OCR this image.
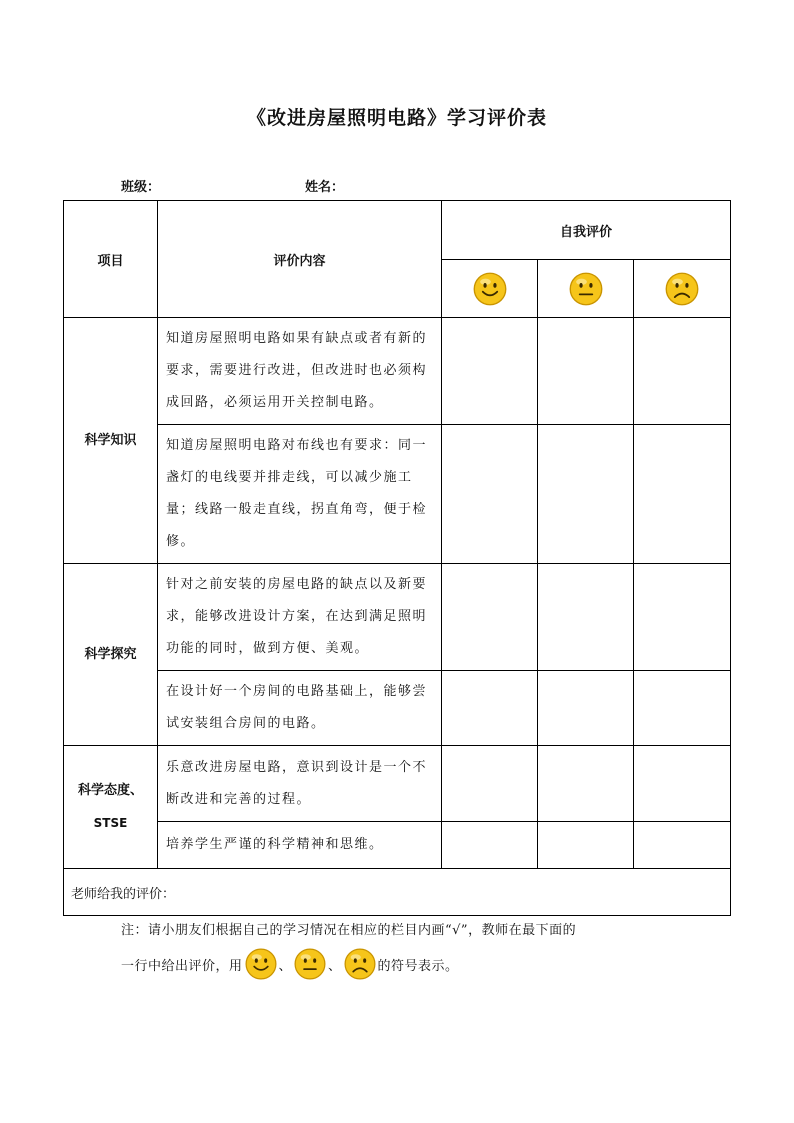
《改进房屋照明电路》学习评价表
班级：	姓名：
项目	评价内容	自我评价		

科学知识	知道房屋照明电路如果有缺点或者有新的要求，需要进行改进，但改进时也必须构成回路，必须运用开关控制电路。			
	知道房屋照明电路对布线也有要求：同一盏灯的电线要并排走线，可以减少施工量；线路一般走直线，拐直角弯，便于检修。			
科学探究	针对之前安装的房屋电路的缺点以及新要求，能够改进设计方案，在达到满足照明功能的同时，做到方便、美观。			
	在设计好一个房间的电路基础上，能够尝试安装组合房间的电路。			

科学态度、
STSE	乐意改进房屋电路，意识到设计是一个不断改进和完善的过程。			
	培养学生严谨的科学精神和思维。			
老师给我的评价：				
注：请小朋友们根据自己的学习情况在相应的栏目内画“√”，教师在最下面的
一行中给出评价，用	、	、	的符号表示。
